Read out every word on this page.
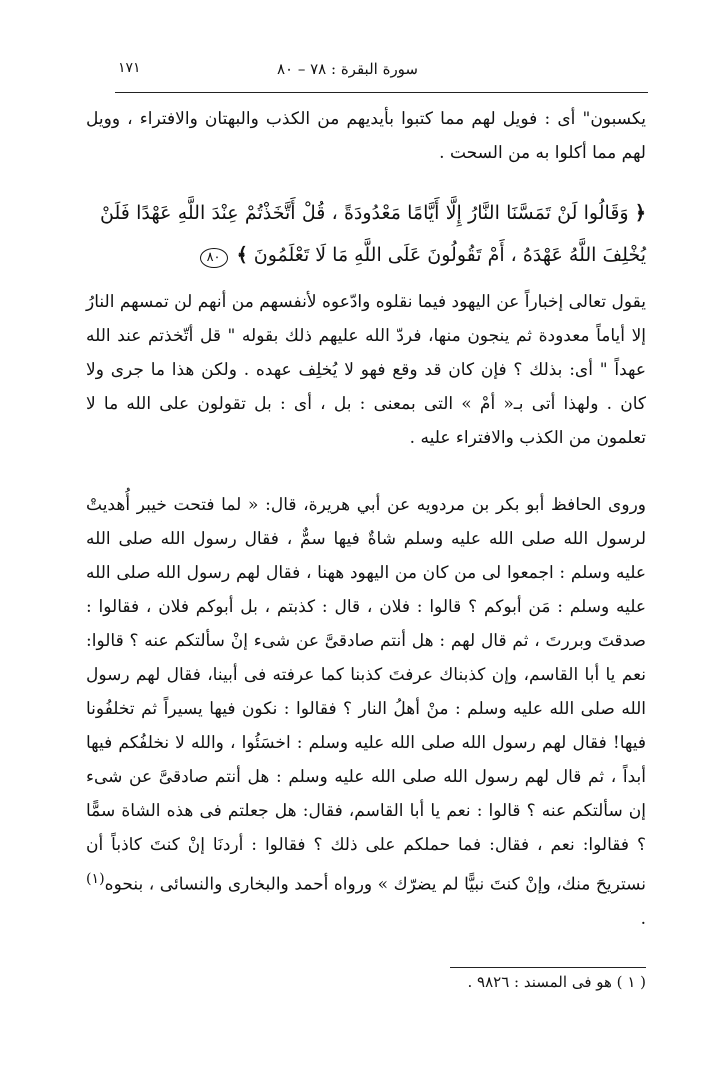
سورة البقرة : ٧٨ – ٨٠
١٧١

يكسبون" أى : فويل لهم مما كتبوا بأيديهم من الكذب والبهتان والافتراء ، وويل لهم مما أكلوا به من السحت .

﴿ وَقَالُوا لَنْ تَمَسَّنَا النَّارُ إِلَّا أَيَّامًا مَعْدُودَةً ، قُلْ أَتَّخَذْتُمْ عِنْدَ اللَّهِ عَهْدًا فَلَنْ يُخْلِفَ اللَّهُ عَهْدَهُ ، أَمْ تَقُولُونَ عَلَى اللَّهِ مَا لَا تَعْلَمُونَ ﴾ ٨٠

يقول تعالى إخباراً عن اليهود فيما نقلوه وادّعوه لأنفسهم من أنهم لن تمسهم النارُ إلا أياماً معدودة ثم ينجون منها، فردّ الله عليهم ذلك بقوله " قل أتّخذتم عند الله عهداً " أى: بذلك ؟ فإن كان قد وقع فهو لا يُخلِف عهده . ولكن هذا ما جرى ولا كان . ولهذا أتى بـ« أمْ » التى بمعنى : بل ، أى : بل تقولون على الله ما لا تعلمون من الكذب والافتراء عليه .

وروى الحافظ أبو بكر بن مردويه عن أبي هريرة، قال: « لما فتحت خيبر أُهديتْ لرسول الله صلى الله عليه وسلم شاةٌ فيها سمٌّ ، فقال رسول الله صلى الله عليه وسلم : اجمعوا لى من كان من اليهود ههنا ، فقال لهم رسول الله صلى الله عليه وسلم : مَن أبوكم ؟ قالوا : فلان ، قال : كذبتم ، بل أبوكم فلان ، فقالوا : صدقتَ وبررتَ ، ثم قال لهم : هل أنتم صادقىَّ عن شىء إنْ سألتكم عنه ؟ قالوا: نعم يا أبا القاسم، وإن كذبناك عرفتَ كذبنا كما عرفته فى أبينا، فقال لهم رسول الله صلى الله عليه وسلم : منْ أهلُ النار ؟ فقالوا : نكون فيها يسيراً ثم تخلفُونا فيها! فقال لهم رسول الله صلى الله عليه وسلم : اخسَئُوا ، والله لا نخلفُكم فيها أبداً ، ثم قال لهم رسول الله صلى الله عليه وسلم : هل أنتم صادقىَّ عن شىء إن سألتكم عنه ؟ قالوا : نعم يا أبا القاسم، فقال: هل جعلتم فى هذه الشاة سمًّا ؟ فقالوا: نعم ، فقال: فما حملكم على ذلك ؟ فقالوا : أردنَا إنْ كنتَ كاذباً أن نستريحَ منك، وإنْ كنتَ نبيًّا لم يضرّك » ورواه أحمد والبخارى والنسائى ، بنحوه$^{(١)}$ .

( ١ ) هو فى المسند : ٩٨٢٦ .
